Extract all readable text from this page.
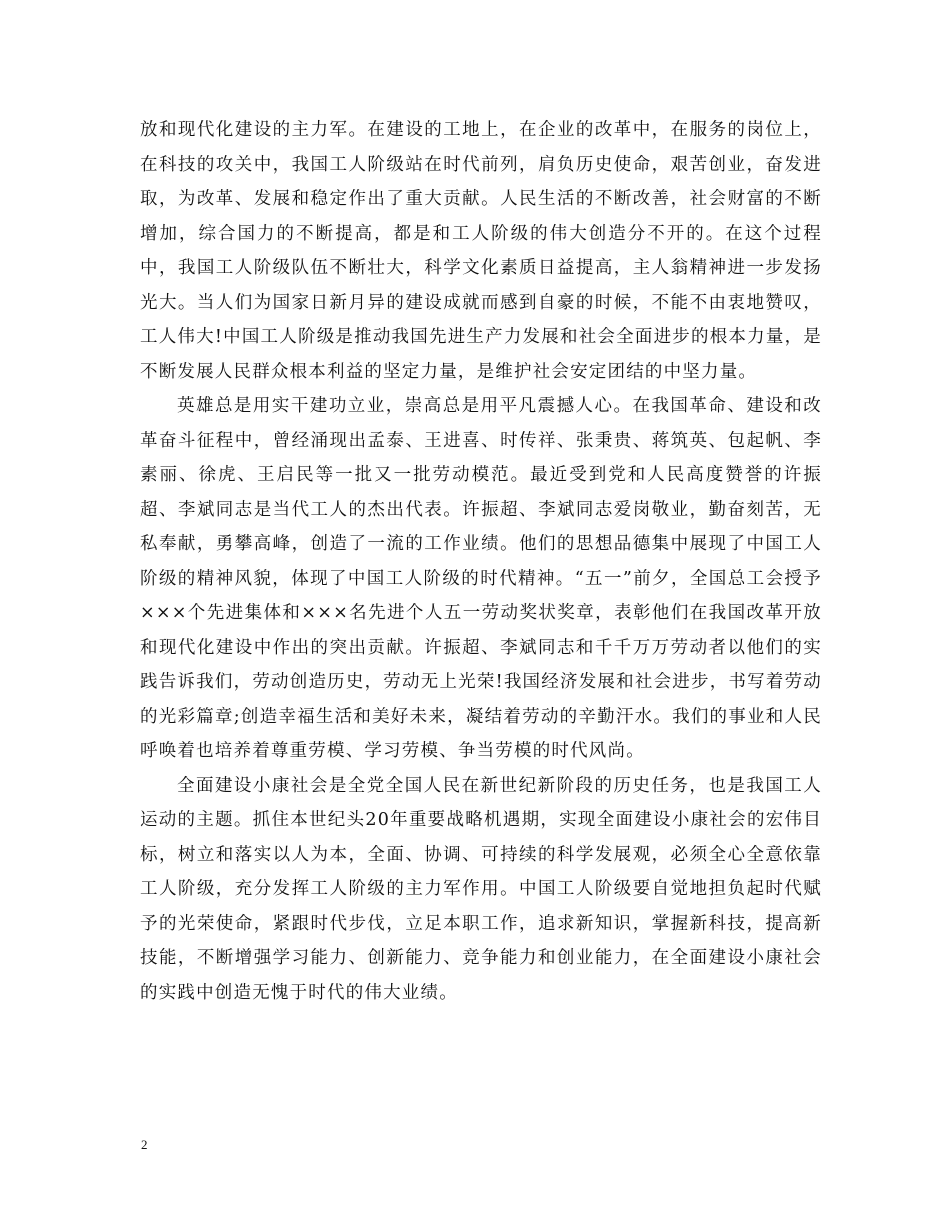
放和现代化建设的主力军。在建设的工地上，在企业的改革中，在服务的岗位上，在科技的攻关中，我国工人阶级站在时代前列，肩负历史使命，艰苦创业，奋发进取，为改革、发展和稳定作出了重大贡献。人民生活的不断改善，社会财富的不断增加，综合国力的不断提高，都是和工人阶级的伟大创造分不开的。在这个过程中，我国工人阶级队伍不断壮大，科学文化素质日益提高，主人翁精神进一步发扬光大。当人们为国家日新月异的建设成就而感到自豪的时候，不能不由衷地赞叹，工人伟大!中国工人阶级是推动我国先进生产力发展和社会全面进步的根本力量，是不断发展人民群众根本利益的坚定力量，是维护社会安定团结的中坚力量。

英雄总是用实干建功立业，崇高总是用平凡震撼人心。在我国革命、建设和改革奋斗征程中，曾经涌现出孟泰、王进喜、时传祥、张秉贵、蒋筑英、包起帆、李素丽、徐虎、王启民等一批又一批劳动模范。最近受到党和人民高度赞誉的许振超、李斌同志是当代工人的杰出代表。许振超、李斌同志爱岗敬业，勤奋刻苦，无私奉献，勇攀高峰，创造了一流的工作业绩。他们的思想品德集中展现了中国工人阶级的精神风貌，体现了中国工人阶级的时代精神。“五一”前夕，全国总工会授予×××个先进集体和×××名先进个人五一劳动奖状奖章，表彰他们在我国改革开放和现代化建设中作出的突出贡献。许振超、李斌同志和千千万万劳动者以他们的实践告诉我们，劳动创造历史，劳动无上光荣!我国经济发展和社会进步，书写着劳动的光彩篇章;创造幸福生活和美好未来，凝结着劳动的辛勤汗水。我们的事业和人民呼唤着也培养着尊重劳模、学习劳模、争当劳模的时代风尚。

全面建设小康社会是全党全国人民在新世纪新阶段的历史任务，也是我国工人运动的主题。抓住本世纪头20年重要战略机遇期，实现全面建设小康社会的宏伟目标，树立和落实以人为本，全面、协调、可持续的科学发展观，必须全心全意依靠工人阶级，充分发挥工人阶级的主力军作用。中国工人阶级要自觉地担负起时代赋予的光荣使命，紧跟时代步伐，立足本职工作，追求新知识，掌握新科技，提高新技能，不断增强学习能力、创新能力、竞争能力和创业能力，在全面建设小康社会的实践中创造无愧于时代的伟大业绩。

2
